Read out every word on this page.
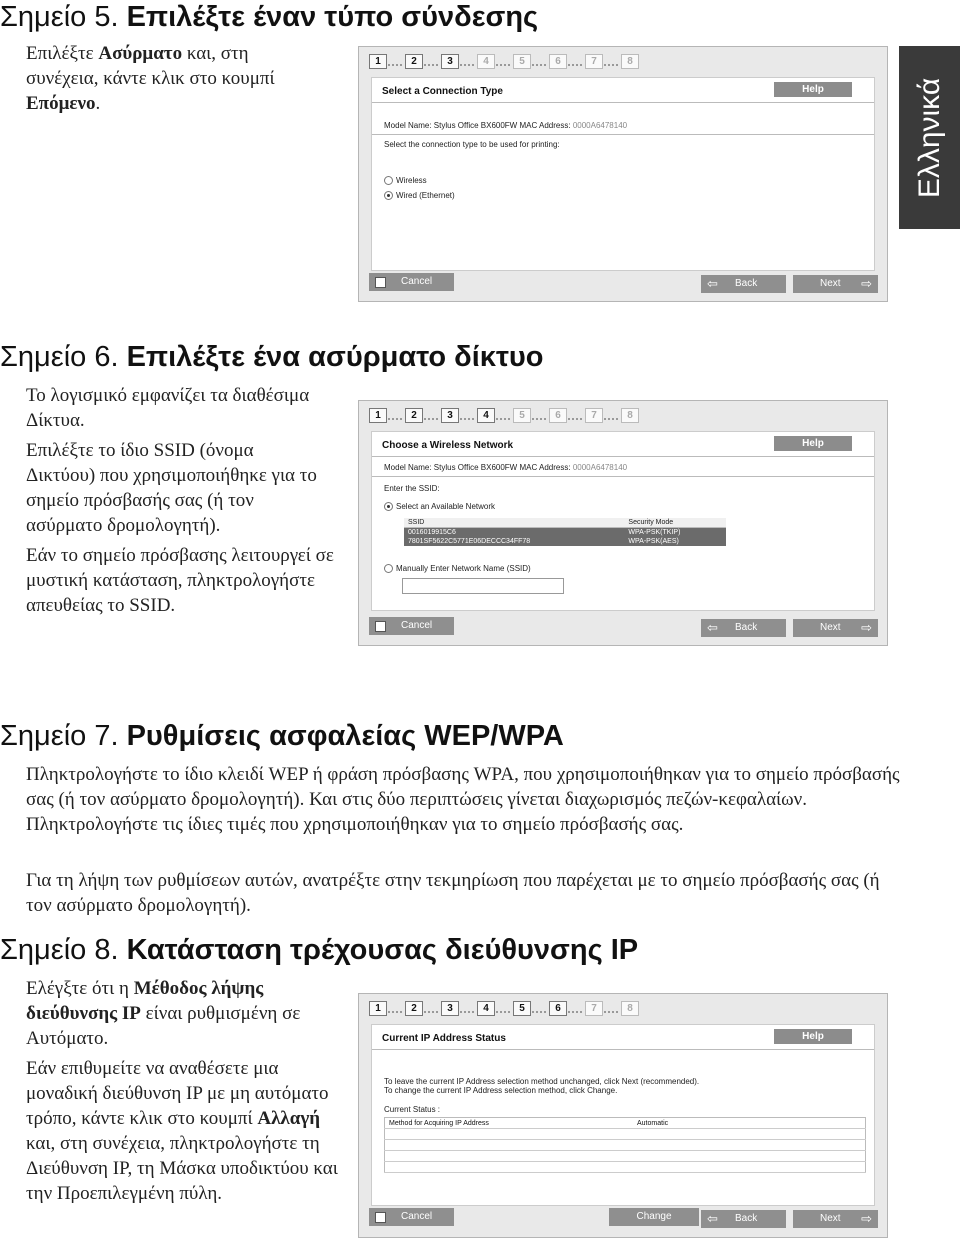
Ελληνικά
Σημείο 5. Επιλέξτε έναν τύπο σύνδεσης

Επιλέξτε Ασύρματο και, στη συνέχεια, κάντε κλικ στο κουμπί Επόμενο.

1	2	3	4	5	6	7	8
Select a Connection Type	Help
Model Name: Stylus Office BX600FW MAC Address: 0000A6478140
Select the connection type to be used for printing:
Wireless
Wired (Ethernet)
Cancel	⇦ Back	Next ⇨
Σημείο 6. Επιλέξτε ένα ασύρματο δίκτυο

Το λογισμικό εμφανίζει τα διαθέσιμα Δίκτυα.

Επιλέξτε το ίδιο SSID (όνομα Δικτύου) που χρησιμοποιήθηκε για το σημείο πρόσβασής σας (ή τον ασύρματο δρομολογητή).

Εάν το σημείο πρόσβασης λειτουργεί σε μυστική κατάσταση, πληκτρολογήστε απευθείας το SSID.

1	2	3	4	5	6	7	8
Choose a Wireless Network	Help
Model Name: Stylus Office BX600FW MAC Address: 0000A6478140
Enter the SSID:
Select an Available Network
SSID	Security Mode
0016019915C6	WPA-PSK(TKIP)
7801SF5622C5771E06DECCC34FF78	WPA-PSK(AES)
Manually Enter Network Name (SSID)
Cancel	⇦ Back	Next ⇨
Σημείο 7. Ρυθμίσεις ασφαλείας WEP/WPA

Πληκτρολογήστε το ίδιο κλειδί WEP ή φράση πρόσβασης WPA, που χρησιμοποιήθηκαν για το σημείο πρόσβασής σας (ή τον ασύρματο δρομολογητή). Και στις δύο περιπτώσεις γίνεται διαχωρισμός πεζών-κεφαλαίων. Πληκτρολογήστε τις ίδιες τιμές που χρησιμοποιήθηκαν για το σημείο πρόσβασής σας.

Για τη λήψη των ρυθμίσεων αυτών, ανατρέξτε στην τεκμηρίωση που παρέχεται με το σημείο πρόσβασής σας (ή τον ασύρματο δρομολογητή).

Σημείο 8. Κατάσταση τρέχουσας διεύθυνσης IP

Ελέγξτε ότι η Μέθοδος λήψης διεύθυνσης IP είναι ρυθμισμένη σε Αυτόματο.

Εάν επιθυμείτε να αναθέσετε μια μοναδική διεύθυνση IP με μη αυτόματο τρόπο, κάντε κλικ στο κουμπί Αλλαγή και, στη συνέχεια, πληκτρολογήστε τη Διεύθυνση IP, τη Μάσκα υποδικτύου και την Προεπιλεγμένη πύλη.

1	2	3	4	5	6	7	8
Current IP Address Status	Help
To leave the current IP Address selection method unchanged, click Next (recommended).
To change the current IP Address selection method, click Change.
Current Status :
Method for Acquiring IP Address	Automatic

Cancel	Change	⇦ Back	Next ⇨
